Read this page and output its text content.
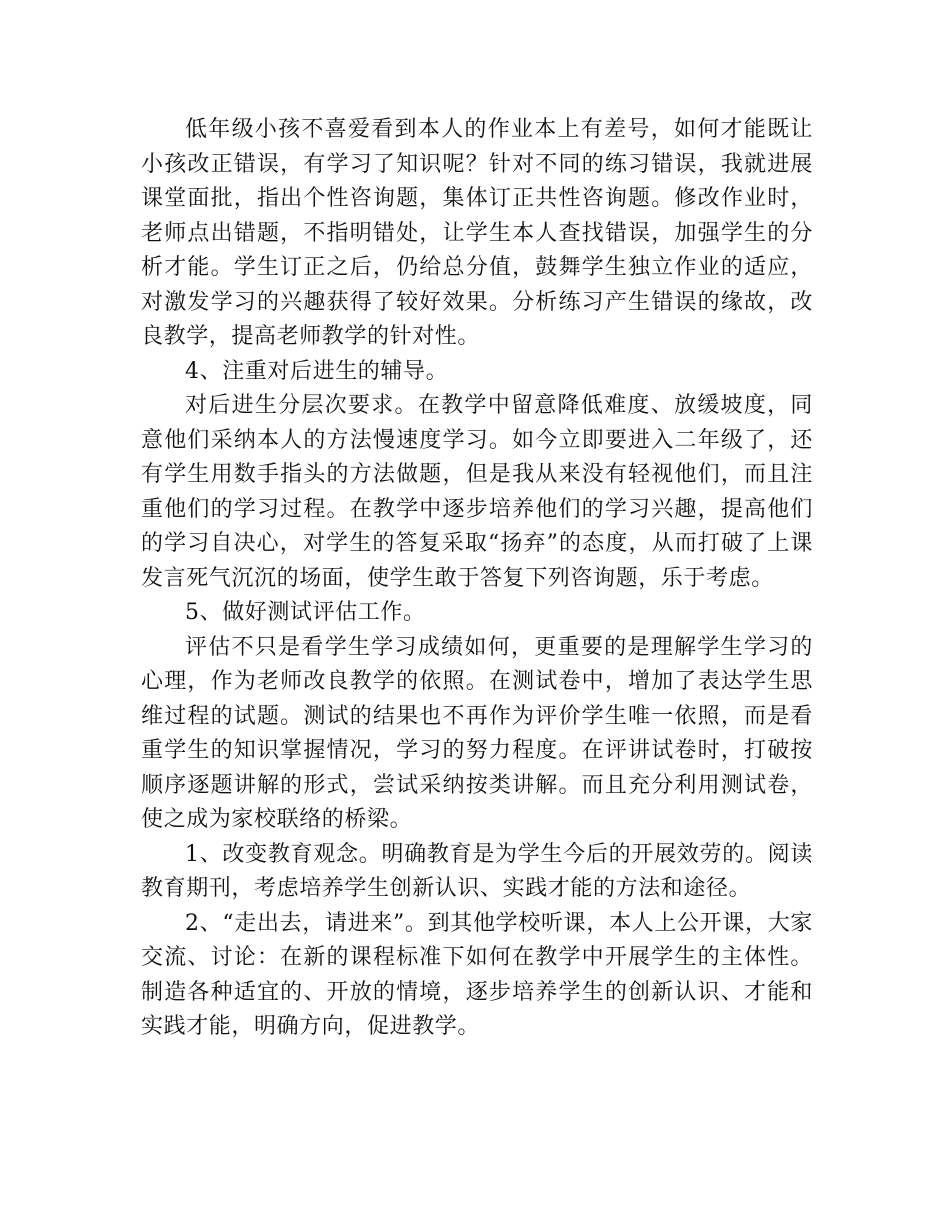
低年级小孩不喜爱看到本人的作业本上有差号，如何才能既让小孩改正错误，有学习了知识呢？针对不同的练习错误，我就进展课堂面批，指出个性咨询题，集体订正共性咨询题。修改作业时，老师点出错题，不指明错处，让学生本人查找错误，加强学生的分析才能。学生订正之后，仍给总分值，鼓舞学生独立作业的适应，对激发学习的兴趣获得了较好效果。分析练习产生错误的缘故，改良教学，提高老师教学的针对性。

4、注重对后进生的辅导。

对后进生分层次要求。在教学中留意降低难度、放缓坡度，同意他们采纳本人的方法慢速度学习。如今立即要进入二年级了，还有学生用数手指头的方法做题，但是我从来没有轻视他们，而且注重他们的学习过程。在教学中逐步培养他们的学习兴趣，提高他们的学习自决心，对学生的答复采取“扬弃”的态度，从而打破了上课发言死气沉沉的场面，使学生敢于答复下列咨询题，乐于考虑。

5、做好测试评估工作。

评估不只是看学生学习成绩如何，更重要的是理解学生学习的心理，作为老师改良教学的依照。在测试卷中，增加了表达学生思维过程的试题。测试的结果也不再作为评价学生唯一依照，而是看重学生的知识掌握情况，学习的努力程度。在评讲试卷时，打破按顺序逐题讲解的形式，尝试采纳按类讲解。而且充分利用测试卷，使之成为家校联络的桥梁。

1、改变教育观念。明确教育是为学生今后的开展效劳的。阅读教育期刊，考虑培养学生创新认识、实践才能的方法和途径。

2、“走出去，请进来”。到其他学校听课，本人上公开课，大家交流、讨论：在新的课程标准下如何在教学中开展学生的主体性。制造各种适宜的、开放的情境，逐步培养学生的创新认识、才能和实践才能，明确方向，促进教学。
